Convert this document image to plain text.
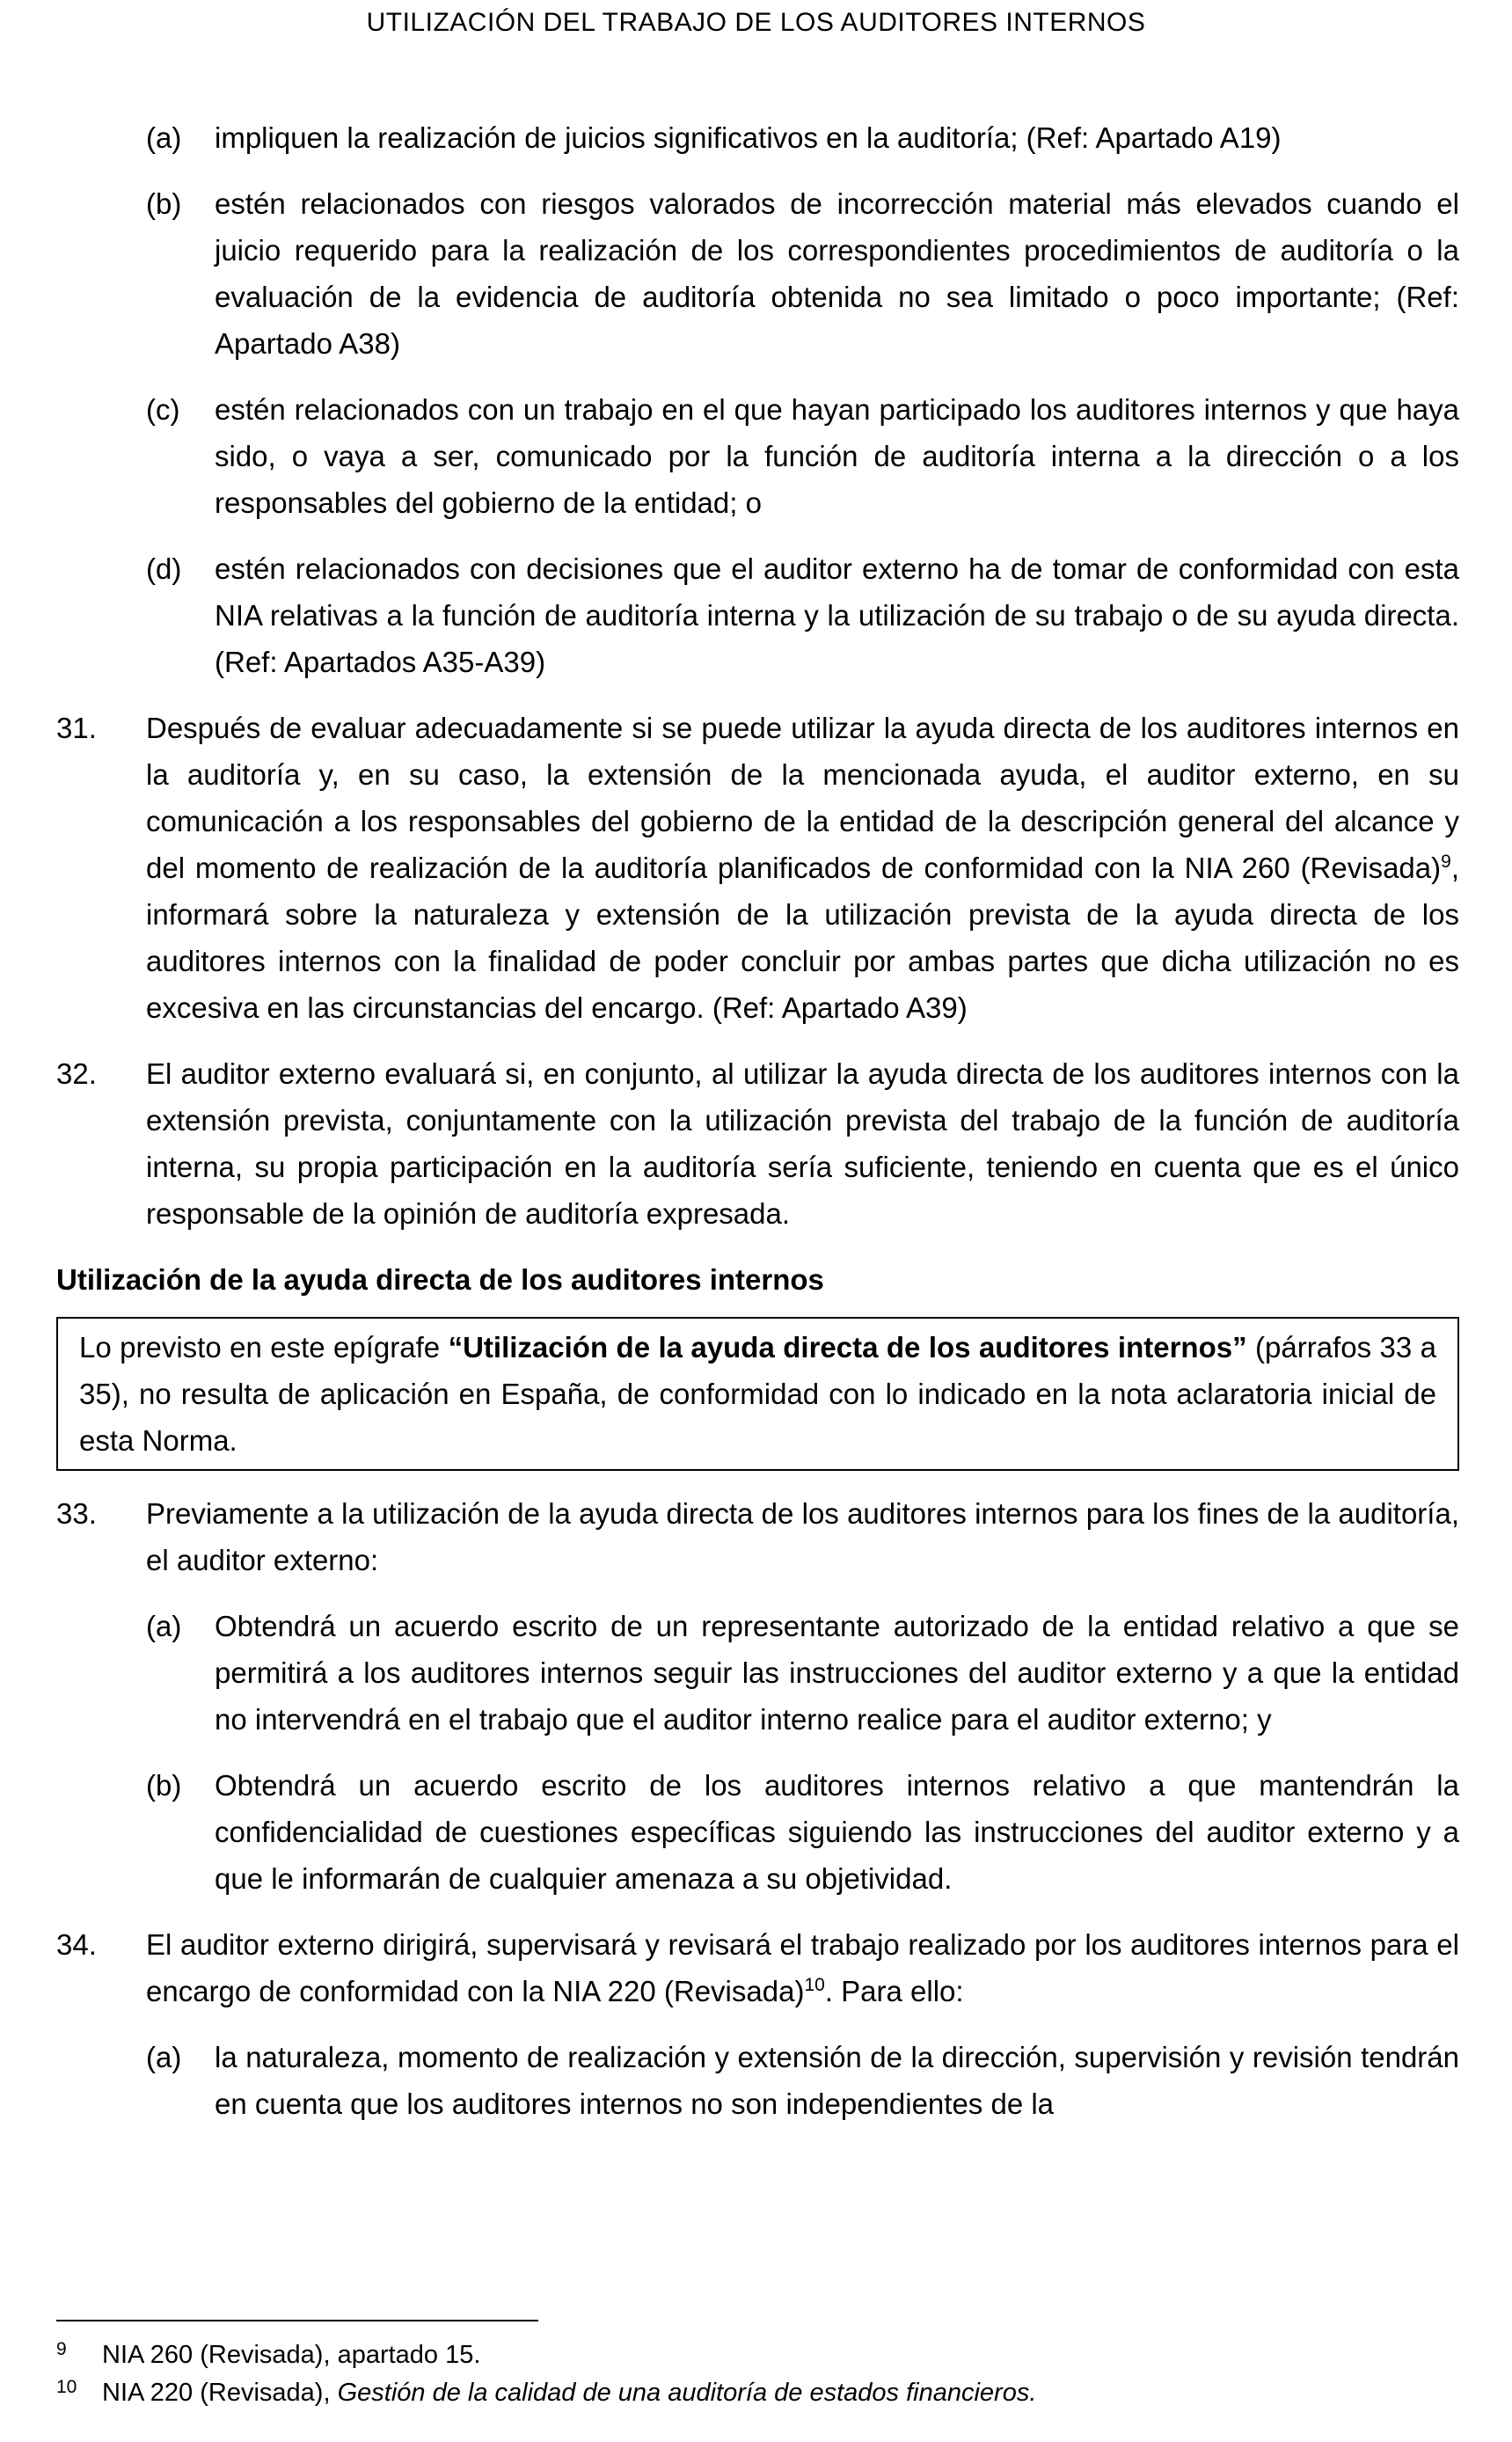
UTILIZACIÓN DEL TRABAJO DE LOS AUDITORES INTERNOS
(a)	impliquen la realización de juicios significativos en la auditoría; (Ref: Apartado A19)
(b)	estén relacionados con riesgos valorados de incorrección material más elevados cuando el juicio requerido para la realización de los correspondientes procedimientos de auditoría o la evaluación de la evidencia de auditoría obtenida no sea limitado o poco importante; (Ref: Apartado A38)
(c)	estén relacionados con un trabajo en el que hayan participado los auditores internos y que haya sido, o vaya a ser, comunicado por la función de auditoría interna a la dirección o a los responsables del gobierno de la entidad; o
(d)	estén relacionados con decisiones que el auditor externo ha de tomar de conformidad con esta NIA relativas a la función de auditoría interna y la utilización de su trabajo o de su ayuda directa. (Ref: Apartados A35-A39)
31.	Después de evaluar adecuadamente si se puede utilizar la ayuda directa de los auditores internos en la auditoría y, en su caso, la extensión de la mencionada ayuda, el auditor externo, en su comunicación a los responsables del gobierno de la entidad de la descripción general del alcance y del momento de realización de la auditoría planificados de conformidad con la NIA 260 (Revisada)$^9$, informará sobre la naturaleza y extensión de la utilización prevista de la ayuda directa de los auditores internos con la finalidad de poder concluir por ambas partes que dicha utilización no es excesiva en las circunstancias del encargo. (Ref: Apartado A39)
32.	El auditor externo evaluará si, en conjunto, al utilizar la ayuda directa de los auditores internos con la extensión prevista, conjuntamente con la utilización prevista del trabajo de la función de auditoría interna, su propia participación en la auditoría sería suficiente, teniendo en cuenta que es el único responsable de la opinión de auditoría expresada.
Utilización de la ayuda directa de los auditores internos
Lo previsto en este epígrafe “Utilización de la ayuda directa de los auditores internos” (párrafos 33 a 35), no resulta de aplicación en España, de conformidad con lo indicado en la nota aclaratoria inicial de esta Norma.
33.	Previamente a la utilización de la ayuda directa de los auditores internos para los fines de la auditoría, el auditor externo:
(a)	Obtendrá un acuerdo escrito de un representante autorizado de la entidad relativo a que se permitirá a los auditores internos seguir las instrucciones del auditor externo y a que la entidad no intervendrá en el trabajo que el auditor interno realice para el auditor externo; y
(b)	Obtendrá un acuerdo escrito de los auditores internos relativo a que mantendrán la confidencialidad de cuestiones específicas siguiendo las instrucciones del auditor externo y a que le informarán de cualquier amenaza a su objetividad.
34.	El auditor externo dirigirá, supervisará y revisará el trabajo realizado por los auditores internos para el encargo de conformidad con la NIA 220 (Revisada)$^{10}$. Para ello:
(a)	la naturaleza, momento de realización y extensión de la dirección, supervisión y revisión tendrán en cuenta que los auditores internos no son independientes de la
9	NIA 260 (Revisada), apartado 15.
10 NIA 220 (Revisada), Gestión de la calidad de una auditoría de estados financieros.
